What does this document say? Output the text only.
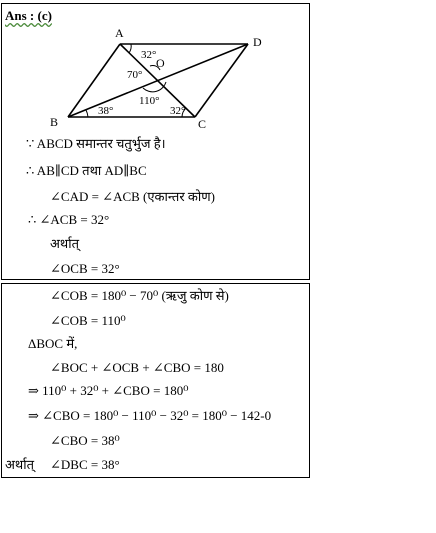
Ans : (c)
A
B	C
D
O
32°
70°
110°
38°	32°
∵ ABCD समान्तर चतुर्भुज है।
∴ AB∥CD तथा AD∥BC
∠CAD = ∠ACB (एकान्तर कोण)
∴ ∠ACB = 32°
अर्थात्
∠OCB = 32°
∠COB = 180⁰ − 70⁰ (ऋजु कोण से)
∠COB = 110⁰
ΔBOC में,
∠BOC + ∠OCB + ∠CBO = 180
⇒ 110⁰ + 32⁰ + ∠CBO = 180⁰
⇒ ∠CBO = 180⁰ − 110⁰ − 32⁰ = 180⁰ − 142-0
∠CBO = 38⁰
अर्थात् ∠DBC = 38°
